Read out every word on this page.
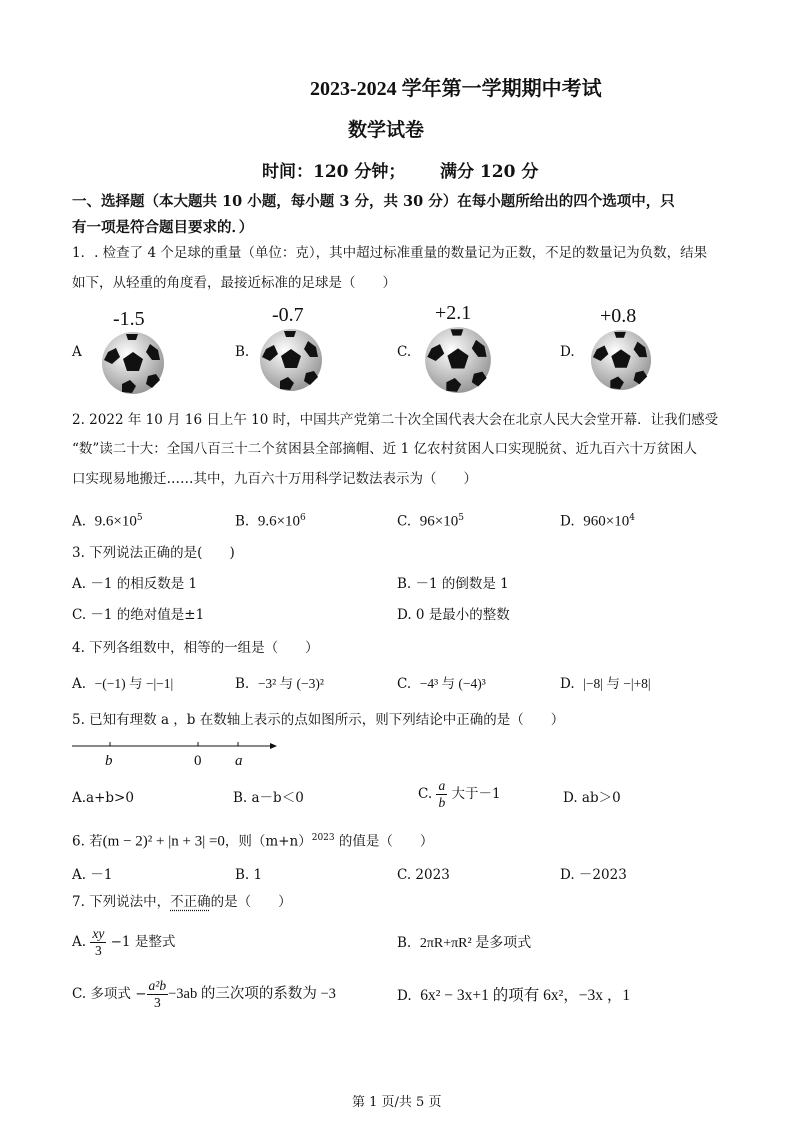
2023-2024 学年第一学期期中考试
数学试卷
时间：120 分钟； 满分 120 分
一、选择题（本大题共 10 小题，每小题 3 分，共 30 分）在每小题所给出的四个选项中，只
有一项是符合题目要求的．）
1．. 检查了 4 个足球的重量（单位：克），其中超过标准重量的数量记为正数，不足的数量记为负数，结果
如下，从轻重的角度看，最接近标准的足球是（　　）
A
-1.5
B.
-0.7
C.
+2.1
D.
+0.8
2. 2022 年 10 月 16 日上午 10 时，中国共产党第二十次全国代表大会在北京人民大会堂开幕．让我们感受
“数”读二十大：全国八百三十二个贫困县全部摘帽、近 1 亿农村贫困人口实现脱贫、近九百六十万贫困人
口实现易地搬迁……其中，九百六十万用科学记数法表示为（　　）
A. $9.6\times 10^5$	B. $9.6\times 10^6$	C. $96\times 10^5$	D. $960\times 10^4$
3. 下列说法正确的是(　　)
A. －1 的相反数是 1	B. －1 的倒数是 1
C. －1 的绝对值是±1	D. 0 是最小的整数
4. 下列各组数中，相等的一组是（　　）
A. −(−1) 与 −|−1|	B. −3² 与 (−3)²	C. −4³ 与 (−4)³	D. |−8| 与 −|+8|
5. 已知有理数 a ，b 在数轴上表示的点如图所示，则下列结论中正确的是（　　）
b	0 a
A.a+b>0	B. a－b＜0	C. $\frac{a}{b}$ 大于－1	D. ab＞0
6. 若(m − 2)² + |n + 3| =0，则$(m+n)^{2023}$ 的值是（　　）
A. －1	B. 1	C. 2023	D. －2023
7. 下列说法中，不正确的是（　　）
A. $\frac{xy}{3} -1$ 是整式	B. 2πR+πR² 是多项式
C. 多项式 − $\frac{\text{a²b}}{3} -3ab$ 的三次项的系数为 −3	D. 6x² − 3x+1 的项有 6x²，−3x ，1
第 1 页/共 5 页
